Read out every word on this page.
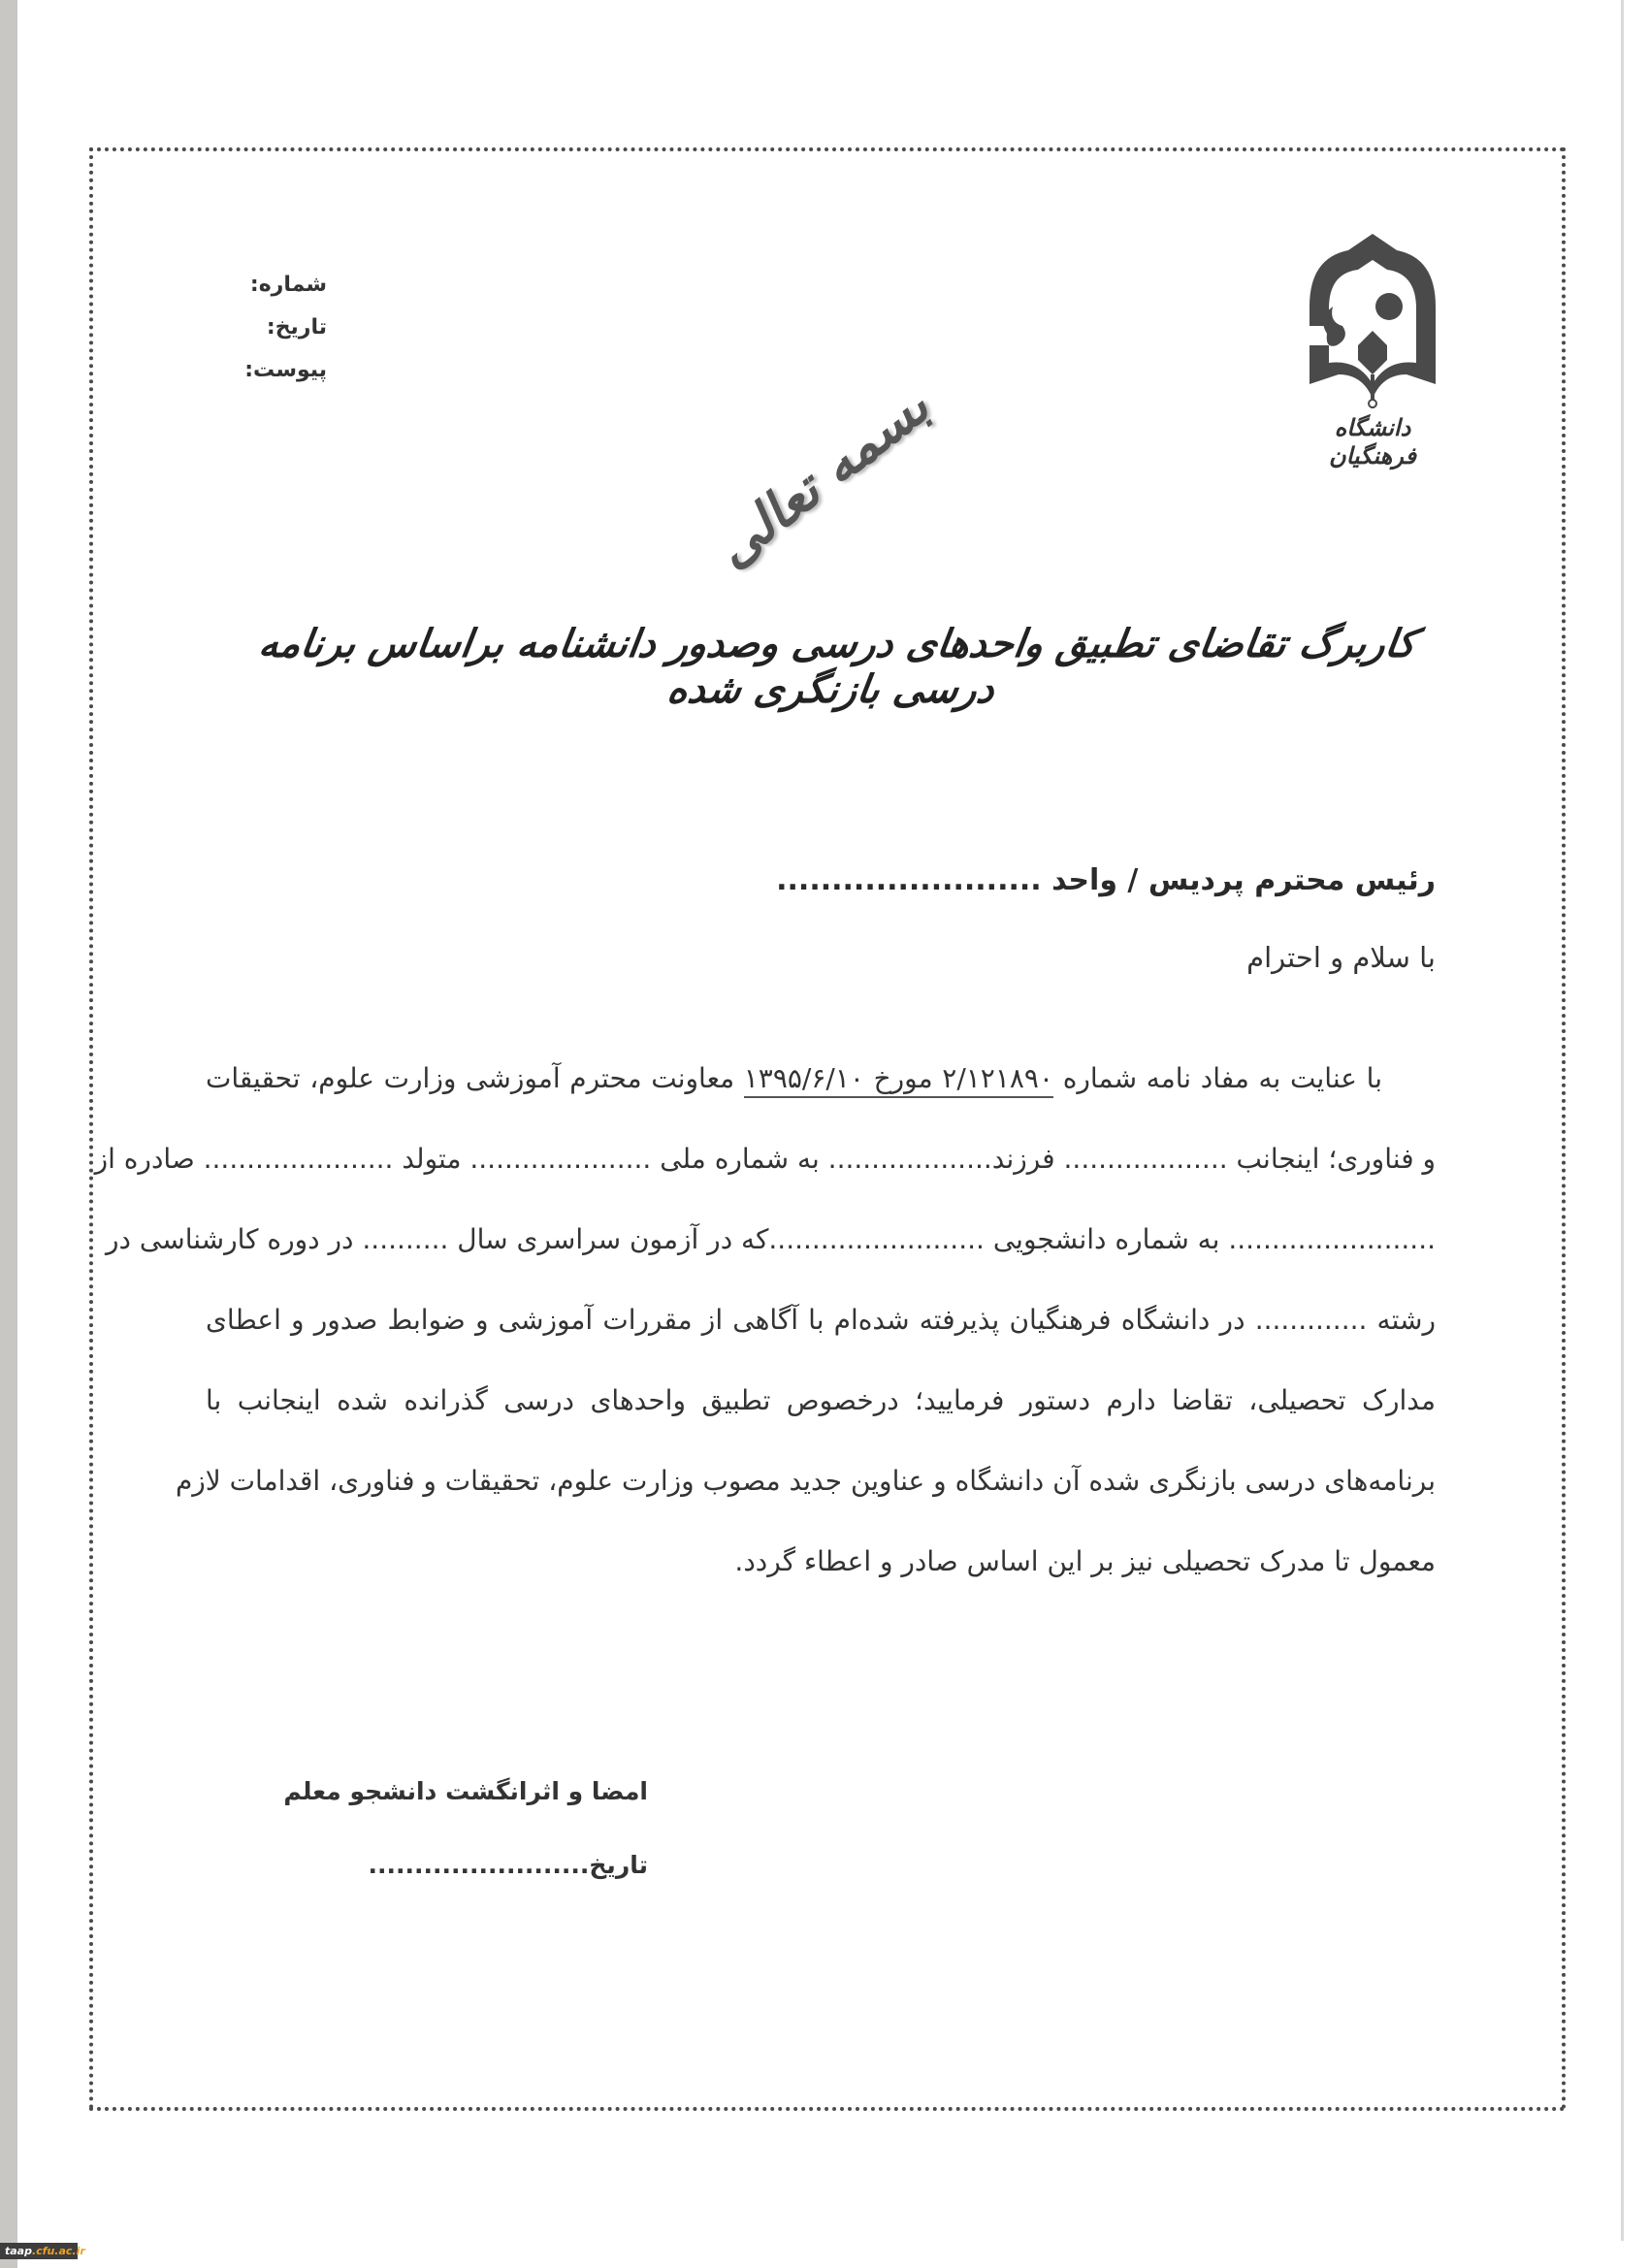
شماره:
تاریخ:
پیوست:
دانشگاه فرهنگیان
بسمه تعالی
کاربرگ تقاضای تطبیق واحدهای درسی وصدور دانشنامه براساس برنامه درسی بازنگری شده
رئیس محترم پردیس / واحد ........................
با سلام و احترام
با عنایت به مفاد نامه شماره ۲/۱۲۱۸۹۰ مورخ ۱۳۹۵/۶/۱۰ معاونت محترم آموزشی وزارت علوم، تحقیقات
و فناوری؛ اینجانب ................... فرزند................... به شماره ملی ..................... متولد ...................... صادره از
........................ به شماره دانشجویی .........................که در آزمون سراسری سال .......... در دوره کارشناسی در
رشته ............. در دانشگاه فرهنگیان پذیرفته شده‌ام با آگاهی از مقررات آموزشی و ضوابط صدور و اعطای
مدارک تحصیلی، تقاضا دارم دستور فرمایید؛ درخصوص تطبیق واحدهای درسی گذرانده شده اینجانب با
برنامه‌های درسی بازنگری شده آن دانشگاه و عناوین جدید مصوب وزارت علوم، تحقیقات و فناوری، اقدامات لازم
معمول تا مدرک تحصیلی نیز بر این اساس صادر و اعطاء گردد.
امضا و اثرانگشت دانشجو معلم
تاریخ........................
taap.cfu.ac.ir
